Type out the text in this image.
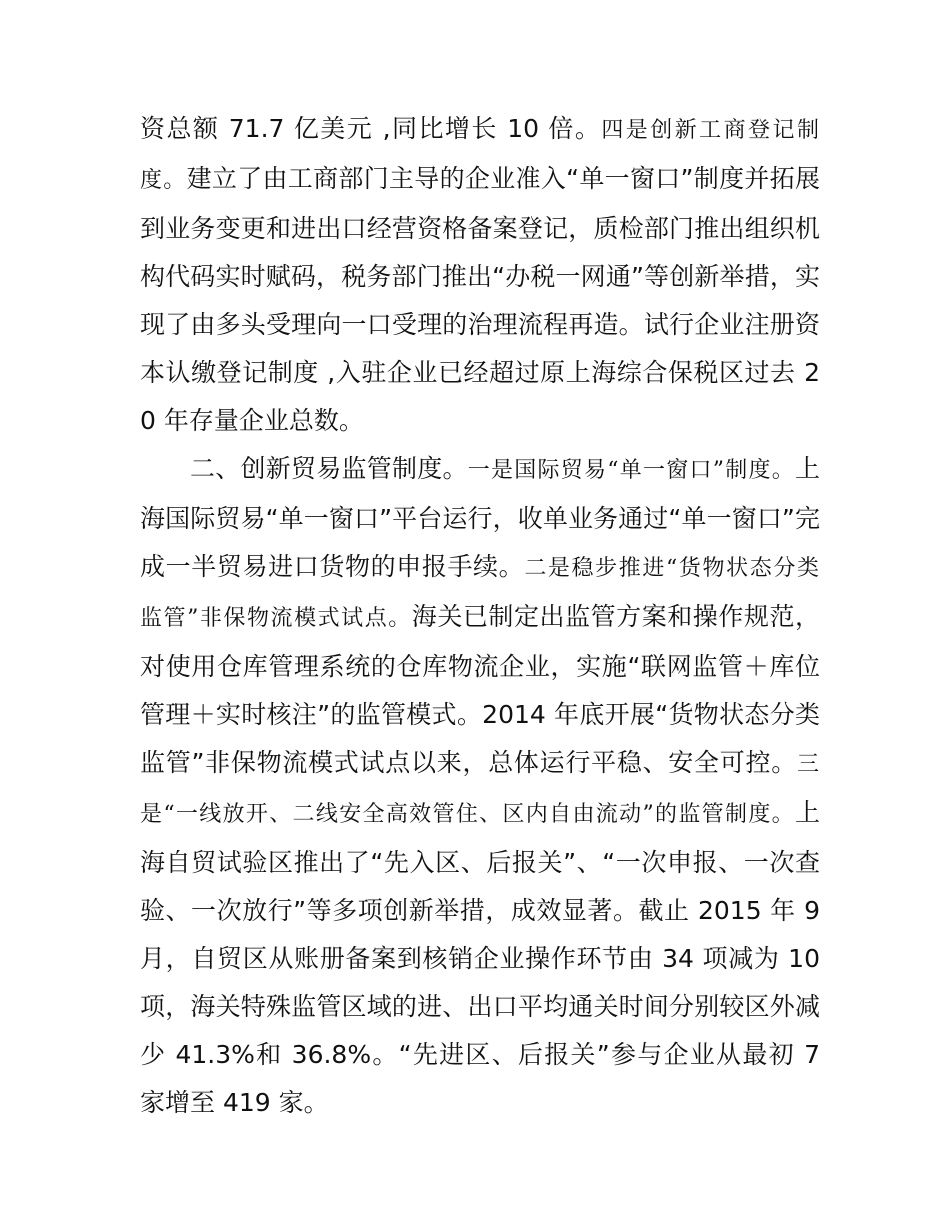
资总额 71.7 亿美元 ,同比增长 10 倍。四是创新工商登记制度。建立了由工商部门主导的企业准入“单一窗口”制度并拓展到业务变更和进出口经营资格备案登记，质检部门推出组织机构代码实时赋码，税务部门推出“办税一网通”等创新举措，实现了由多头受理向一口受理的治理流程再造。试行企业注册资本认缴登记制度 ,入驻企业已经超过原上海综合保税区过去 20 年存量企业总数。

二、创新贸易监管制度。一是国际贸易“单一窗口”制度。上海国际贸易“单一窗口”平台运行，收单业务通过“单一窗口”完成一半贸易进口货物的申报手续。二是稳步推进“货物状态分类监管”非保物流模式试点。海关已制定出监管方案和操作规范，对使用仓库管理系统的仓库物流企业，实施“联网监管＋库位管理＋实时核注”的监管模式。2014 年底开展“货物状态分类监管”非保物流模式试点以来，总体运行平稳、安全可控。三是“一线放开、二线安全高效管住、区内自由流动”的监管制度。上海自贸试验区推出了“先入区、后报关”、“一次申报、一次查验、一次放行”等多项创新举措，成效显著。截止 2015 年 9 月，自贸区从账册备案到核销企业操作环节由 34 项减为 10 项，海关特殊监管区域的进、出口平均通关时间分别较区外减少 41.3%和 36.8%。“先进区、后报关”参与企业从最初 7 家增至 419 家。
